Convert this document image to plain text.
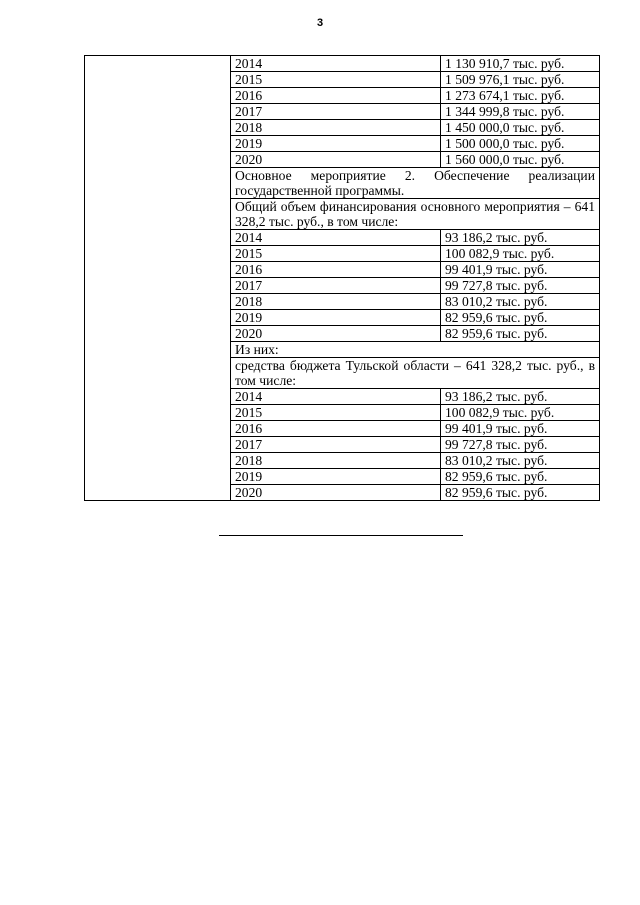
3
	2014	1 130 910,7 тыс. руб.
	2015	1 509 976,1 тыс. руб.
	2016	1 273 674,1 тыс. руб.
	2017	1 344 999,8 тыс. руб.
	2018	1 450 000,0 тыс. руб.
	2019	1 500 000,0 тыс. руб.
	2020	1 560 000,0 тыс. руб.
	Основное мероприятие 2. Обеспечение реализации государственной программы.	
	Общий объем финансирования основного мероприятия – 641 328,2 тыс. руб., в том числе:	
	2014	93 186,2 тыс. руб.
	2015	100 082,9 тыс. руб.
	2016	99 401,9 тыс. руб.
	2017	99 727,8 тыс. руб.
	2018	83 010,2 тыс. руб.
	2019	82 959,6 тыс. руб.
	2020	82 959,6 тыс. руб.
	Из них:	
	средства бюджета Тульской области – 641 328,2 тыс. руб., в том числе:	
	2014	93 186,2 тыс. руб.
	2015	100 082,9 тыс. руб.
	2016	99 401,9 тыс. руб.
	2017	99 727,8 тыс. руб.
	2018	83 010,2 тыс. руб.
	2019	82 959,6 тыс. руб.
	2020	82 959,6 тыс. руб.
